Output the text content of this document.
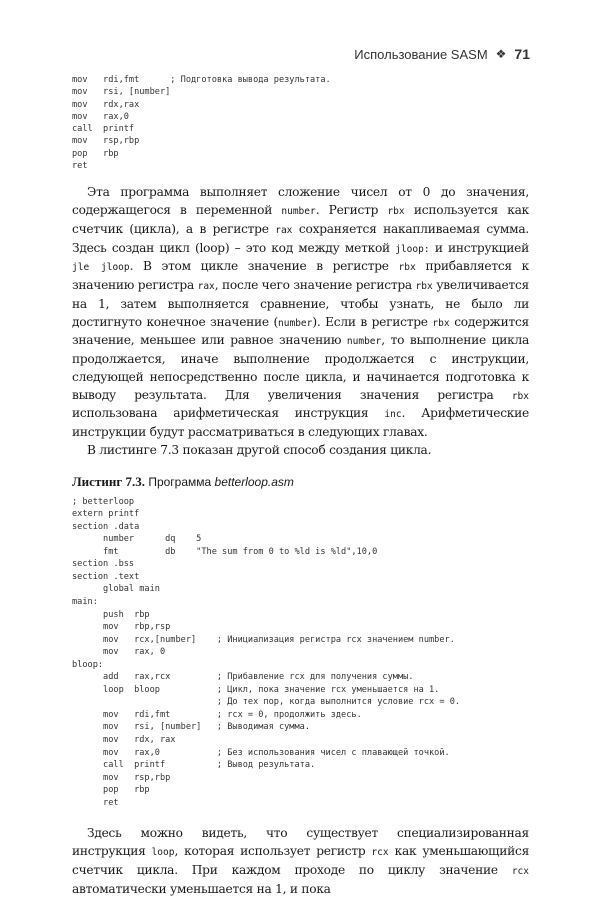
Использование SASM ❖ 71
mov   rdi,fmt      ; Подготовка вывода результата.
mov   rsi, [number]
mov   rdx,rax
mov   rax,0
call  printf
mov   rsp,rbp
pop   rbp
ret

Эта программа выполняет сложение чисел от 0 до значения, содержащегося в переменной number. Регистр rbx используется как счетчик (цикла), а в регистре rax сохраняется накапливаемая сумма. Здесь создан цикл (loop) – это код между меткой jloop: и инструкцией jle jloop. В этом цикле значение в регистре rbx прибавляется к значению регистра rax, после чего значение регистра rbx увеличивается на 1, затем выполняется сравнение, чтобы узнать, не было ли достигнуто конечное значение (number). Если в регистре rbx содержится значение, меньшее или равное значению number, то выполнение цикла продолжается, иначе выполнение продолжается с инструкции, следующей непосредственно после цикла, и начинается подготовка к выводу результата. Для увеличения значения регистра rbx использована арифметическая инструкция inc. Арифметические инструкции будут рассматриваться в следующих главах.

В листинге 7.3 показан другой способ создания цикла.

Листинг 7.3. Программа betterloop.asm
; betterloop
extern printf
section .data
number      dq    5
fmt         db    "The sum from 0 to %ld is %ld",10,0
section .bss
section .text
global main
main:
push  rbp
mov   rbp,rsp
mov   rcx,[number]    ; Инициализация регистра rcx значением number.
mov   rax, 0
bloop:
add   rax,rcx         ; Прибавление rcx для получения суммы.
loop  bloop           ; Цикл, пока значение rcx уменьшается на 1.
; До тех пор, когда выполнится условие rcx = 0.
mov   rdi,fmt         ; rcx = 0, продолжить здесь.
mov   rsi, [number]   ; Выводимая сумма.
mov   rdx, rax
mov   rax,0           ; Без использования чисел с плавающей точкой.
call  printf          ; Вывод результата.
mov   rsp,rbp
pop   rbp
ret

Здесь можно видеть, что существует специализированная инструкция loop, которая использует регистр rcx как уменьшающийся счетчик цикла. При каждом проходе по циклу значение rcx автоматически уменьшается на 1, и пока
